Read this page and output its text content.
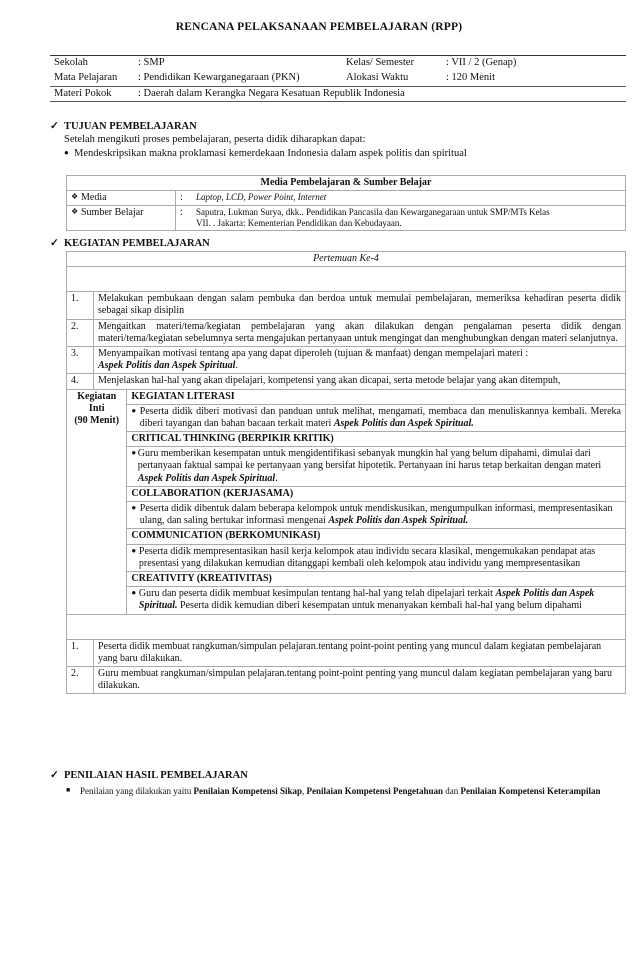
RENCANA PELAKSANAAN PEMBELAJARAN (RPP)
Sekolah	: SMP	Kelas/ Semester	: VII / 2 (Genap)
Mata Pelajaran	: Pendidikan Kewarganegaraan (PKN)	Alokasi Waktu	: 120 Menit
Materi Pokok	: Daerah dalam Kerangka Negara Kesatuan Republik Indonesia		
✓ TUJUAN PEMBELAJARAN
Setelah mengikuti proses pembelajaran, peserta didik diharapkan dapat:
● Mendeskripsikan makna proklamasi kemerdekaan Indonesia dalam aspek politis dan spiritual
Media Pembelajaran & Sumber Belajar		
❖ Media	:	Laptop, LCD, Power Point, Internet
❖ Sumber Belajar	:	Saputra, Lukman Surya, dkk.. Pendidikan Pancasila dan Kewarganegaraan untuk SMP/MTs Kelas
VII. . Jakarta: Kementerian Pendidikan dan Kebudayaan.
✓ KEGIATAN PEMBELAJARAN
Pertemuan Ke-4		

1.	Melakukan pembukaan dengan salam pembuka dan berdoa untuk memulai pembelajaran, memeriksa kehadiran peserta didik sebagai sikap disiplin	
2.	Mengaitkan materi/tema/kegiatan pembelajaran yang akan dilakukan dengan pengalaman peserta didik dengan materi/tema/kegiatan sebelumnya serta mengajukan pertanyaan untuk mengingat dan menghubungkan dengan materi selanjutnya.	
3.	Menyampaikan motivasi tentang apa yang dapat diperoleh (tujuan & manfaat) dengan mempelajari materi :
Aspek Politis dan Aspek Spiritual.	
4.	Menjelaskan hal-hal yang akan dipelajari, kompetensi yang akan dicapai, serta metode belajar yang akan ditempuh,	

Kegiatan
Inti
(90 Menit)		KEGIATAN LITERASI

		● Peserta didik diberi motivasi dan panduan untuk melihat, mengamati, membaca dan menuliskannya kembali. Mereka diberi tayangan dan bahan bacaan terkait materi Aspek Politis dan Aspek Spiritual.

		CRITICAL THINKING (BERPIKIR KRITIK)

		● Guru memberikan kesempatan untuk mengidentifikasi sebanyak mungkin hal yang belum dipahami, dimulai dari pertanyaan faktual sampai ke pertanyaan yang bersifat hipotetik. Pertanyaan ini harus tetap berkaitan dengan materi Aspek Politis dan Aspek Spiritual.

		COLLABORATION (KERJASAMA)

		● Peserta didik dibentuk dalam beberapa kelompok untuk mendiskusikan, mengumpulkan informasi, mempresentasikan ulang, dan saling bertukar informasi mengenai Aspek Politis dan Aspek Spiritual.

		COMMUNICATION (BERKOMUNIKASI)

		● Peserta didik mempresentasikan hasil kerja kelompok atau individu secara klasikal, mengemukakan pendapat atas presentasi yang dilakukan kemudian ditanggapi kembali oleh kelompok atau individu yang mempresentasikan

		CREATIVITY (KREATIVITAS)

		● Guru dan peserta didik membuat kesimpulan tentang hal-hal yang telah dipelajari terkait Aspek Politis dan Aspek Spiritual. Peserta didik kemudian diberi kesempatan untuk menanyakan kembali hal-hal yang belum dipahami

1.	Peserta didik membuat rangkuman/simpulan pelajaran.tentang point-point penting yang muncul dalam kegiatan pembelajaran yang baru dilakukan.	
2.	Guru membuat rangkuman/simpulan pelajaran.tentang point-point penting yang muncul dalam kegiatan pembelajaran yang baru dilakukan.	
✓ PENILAIAN HASIL PEMBELAJARAN
■	Penilaian yang dilakukan yaitu Penilaian Kompetensi Sikap, Penilaian Kompetensi Pengetahuan dan Penilaian Kompetensi Keterampilan
